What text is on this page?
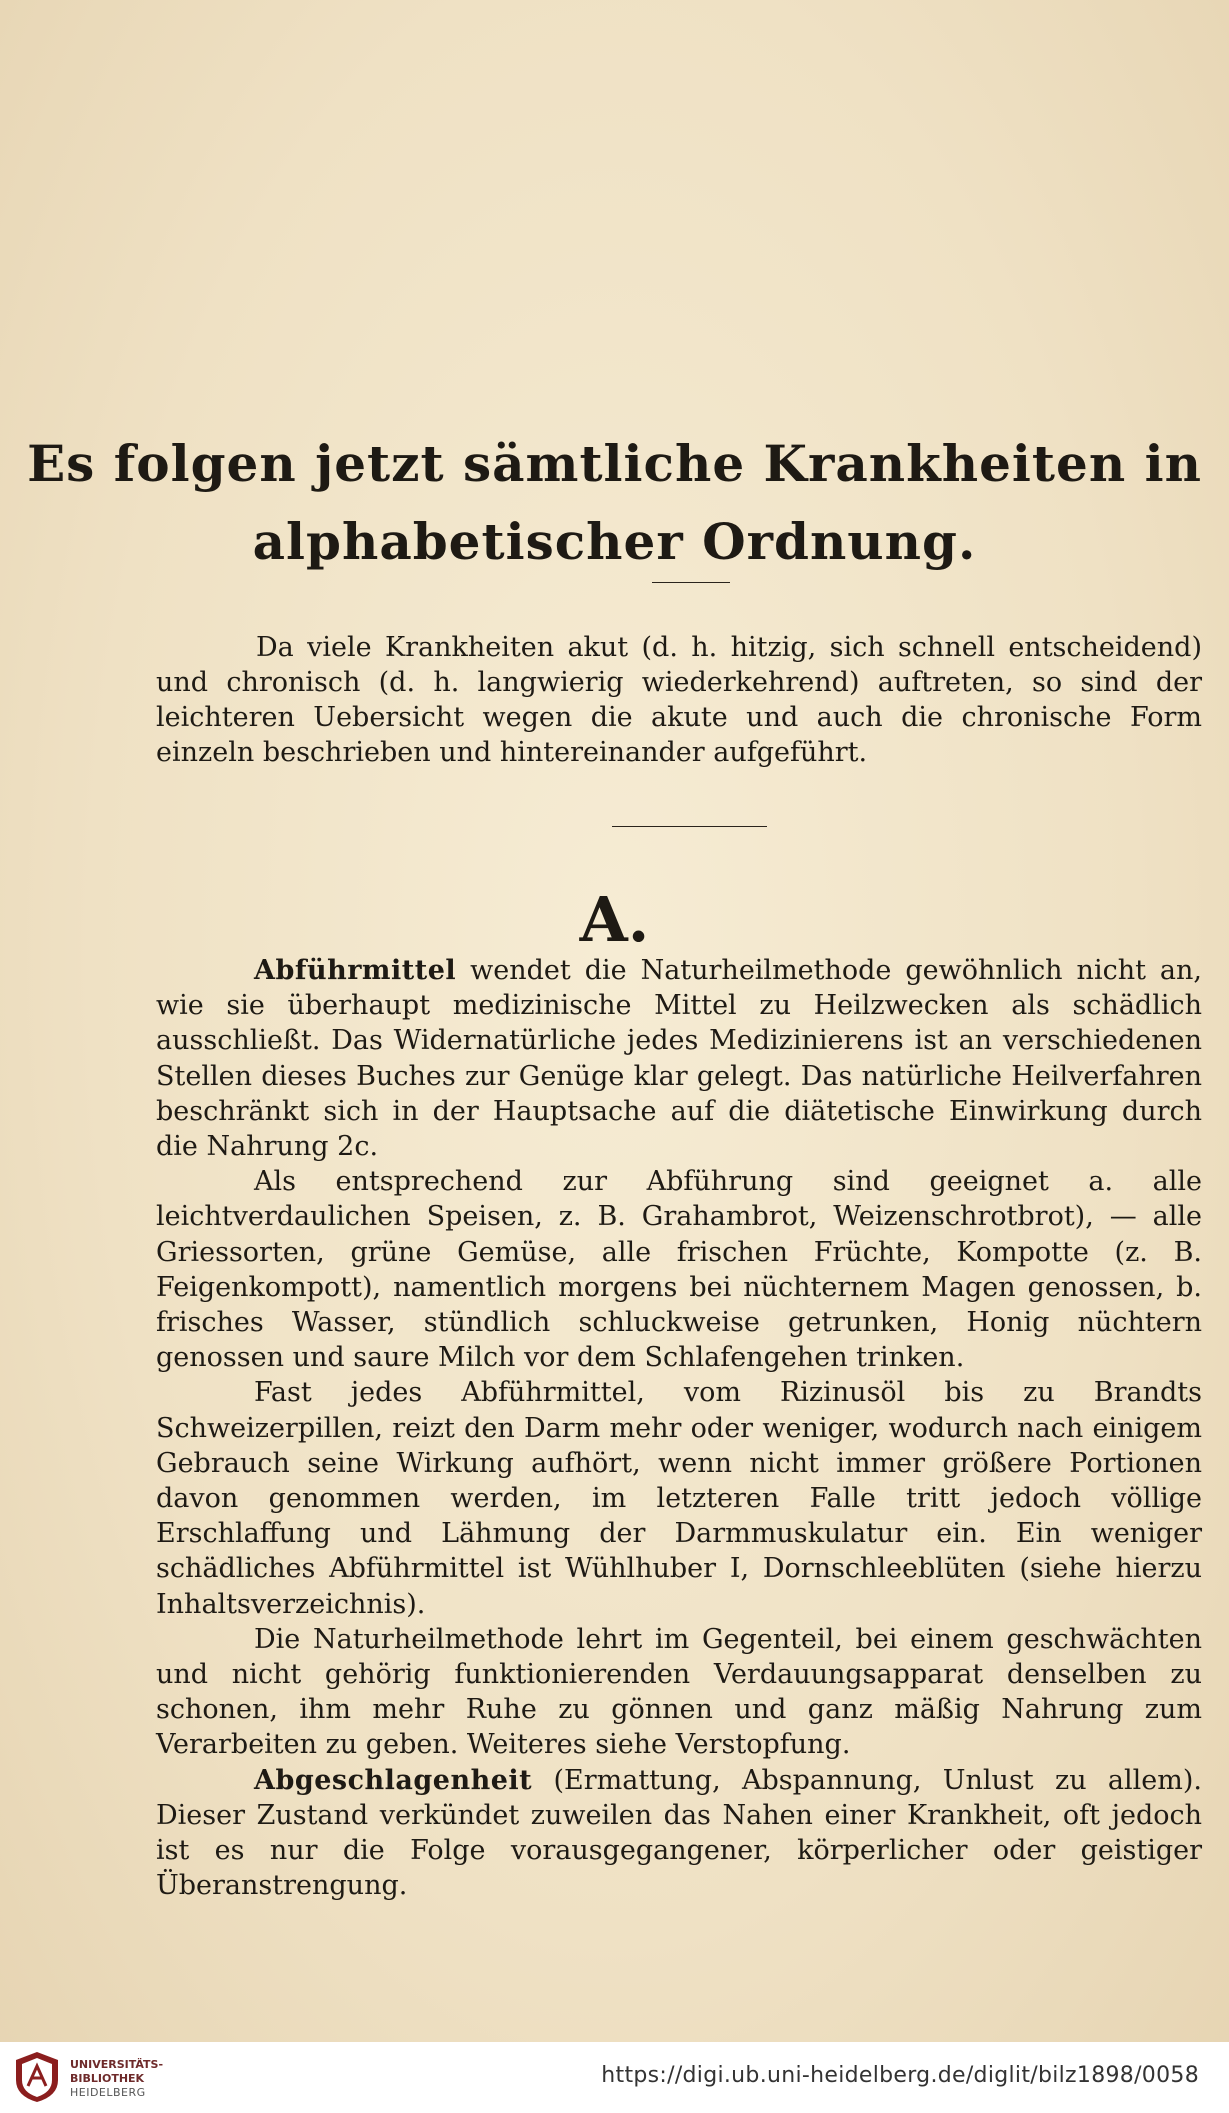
Es folgen jetzt sämtliche Krankheiten in
alphabetischer Ordnung.
Da viele Krankheiten akut (d. h. hitzig, sich schnell entscheidend) und chronisch (d. h. langwierig wiederkehrend) auftreten, so sind der leichteren Uebersicht wegen die akute und auch die chronische Form einzeln beschrieben und hintereinander aufgeführt.
A.

Abführmittel wendet die Naturheilmethode gewöhnlich nicht an, wie sie überhaupt medizinische Mittel zu Heilzwecken als schädlich ausschließt. Das Widernatürliche jedes Medizinierens ist an verschiedenen Stellen dieses Buches zur Genüge klar gelegt. Das natürliche Heilverfahren beschränkt sich in der Hauptsache auf die diätetische Einwirkung durch die Nahrung 2c.

Als entsprechend zur Abführung sind geeignet a. alle leichtverdaulichen Speisen, z. B. Grahambrot, Weizenschrotbrot), — alle Griessorten, grüne Gemüse, alle frischen Früchte, Kompotte (z. B. Feigenkompott), namentlich morgens bei nüchternem Magen genossen, b. frisches Wasser, stündlich schluckweise getrunken, Honig nüchtern genossen und saure Milch vor dem Schlafengehen trinken.

Fast jedes Abführmittel, vom Rizinusöl bis zu Brandts Schweizerpillen, reizt den Darm mehr oder weniger, wodurch nach einigem Gebrauch seine Wirkung aufhört, wenn nicht immer größere Portionen davon genommen werden, im letzteren Falle tritt jedoch völlige Erschlaffung und Lähmung der Darmmuskulatur ein. Ein weniger schädliches Abführmittel ist Wühlhuber I, Dornschleeblüten (siehe hierzu Inhaltsverzeichnis).

Die Naturheilmethode lehrt im Gegenteil, bei einem geschwächten und nicht gehörig funktionierenden Verdauungsapparat denselben zu schonen, ihm mehr Ruhe zu gönnen und ganz mäßig Nahrung zum Verarbeiten zu geben. Weiteres siehe Verstopfung.

Abgeschlagenheit (Ermattung, Abspannung, Unlust zu allem). Dieser Zustand verkündet zuweilen das Nahen einer Krankheit, oft jedoch ist es nur die Folge vorausgegangener, körperlicher oder geistiger Überanstrengung.

UNIVERSITÄTS-
BIBLIOTHEK
HEIDELBERG
https://digi.ub.uni-heidelberg.de/diglit/bilz1898/0058
